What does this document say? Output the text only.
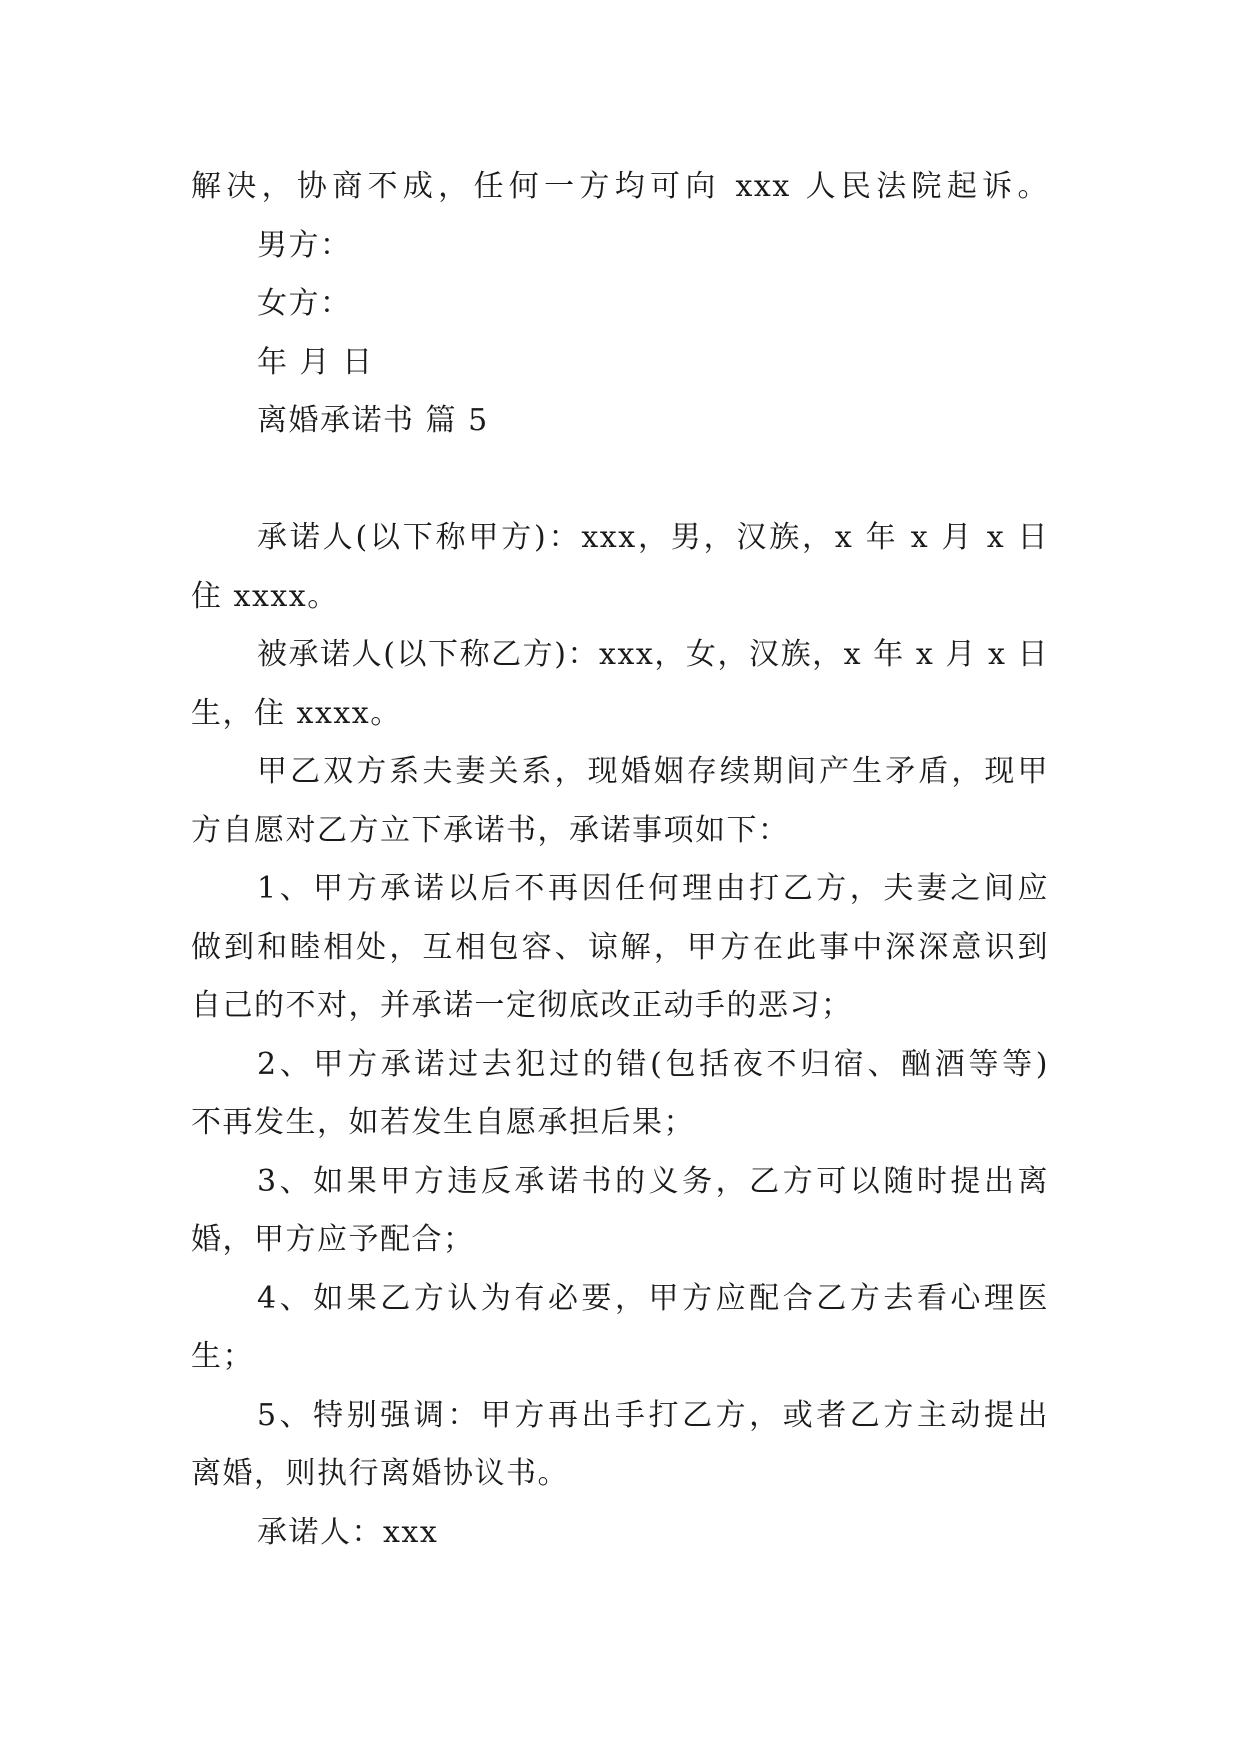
解决，协商不成，任何一方均可向 xxx 人民法院起诉。
男方：
女方：
年 月 日
离婚承诺书 篇 5
承诺人(以下称甲方)：xxx，男，汉族，x 年 x 月 x 日
住 xxxx。
被承诺人(以下称乙方)：xxx，女，汉族，x 年 x 月 x 日
生，住 xxxx。
甲乙双方系夫妻关系，现婚姻存续期间产生矛盾，现甲
方自愿对乙方立下承诺书，承诺事项如下：
1、甲方承诺以后不再因任何理由打乙方，夫妻之间应
做到和睦相处，互相包容、谅解，甲方在此事中深深意识到
自己的不对，并承诺一定彻底改正动手的恶习；
2、甲方承诺过去犯过的错(包括夜不归宿、酗酒等等)
不再发生，如若发生自愿承担后果；
3、如果甲方违反承诺书的义务，乙方可以随时提出离
婚，甲方应予配合；
4、如果乙方认为有必要，甲方应配合乙方去看心理医
生；
5、特别强调：甲方再出手打乙方，或者乙方主动提出
离婚，则执行离婚协议书。
承诺人：xxx
